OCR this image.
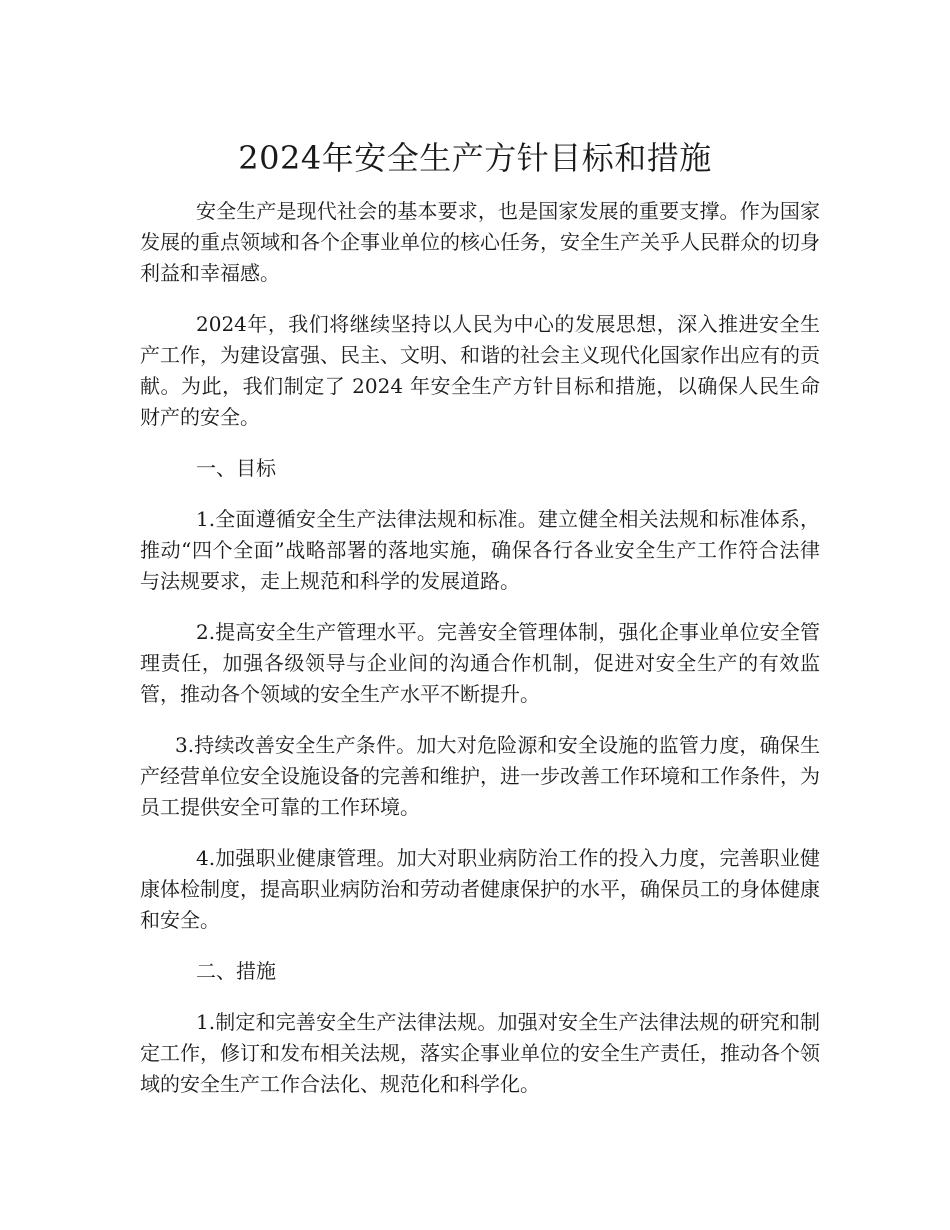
2024年安全生产方针目标和措施

安全生产是现代社会的基本要求，也是国家发展的重要支撑。作为国家发展的重点领域和各个企事业单位的核心任务，安全生产关乎人民群众的切身利益和幸福感。

2024年，我们将继续坚持以人民为中心的发展思想，深入推进安全生产工作，为建设富强、民主、文明、和谐的社会主义现代化国家作出应有的贡献。为此，我们制定了 2024 年安全生产方针目标和措施，以确保人民生命财产的安全。

一、目标

1.全面遵循安全生产法律法规和标准。建立健全相关法规和标准体系，推动“四个全面”战略部署的落地实施，确保各行各业安全生产工作符合法律与法规要求，走上规范和科学的发展道路。

2.提高安全生产管理水平。完善安全管理体制，强化企事业单位安全管理责任，加强各级领导与企业间的沟通合作机制，促进对安全生产的有效监管，推动各个领域的安全生产水平不断提升。

3.持续改善安全生产条件。加大对危险源和安全设施的监管力度，确保生产经营单位安全设施设备的完善和维护，进一步改善工作环境和工作条件，为员工提供安全可靠的工作环境。

4.加强职业健康管理。加大对职业病防治工作的投入力度，完善职业健康体检制度，提高职业病防治和劳动者健康保护的水平，确保员工的身体健康和安全。

二、措施

1.制定和完善安全生产法律法规。加强对安全生产法律法规的研究和制定工作，修订和发布相关法规，落实企事业单位的安全生产责任，推动各个领域的安全生产工作合法化、规范化和科学化。
